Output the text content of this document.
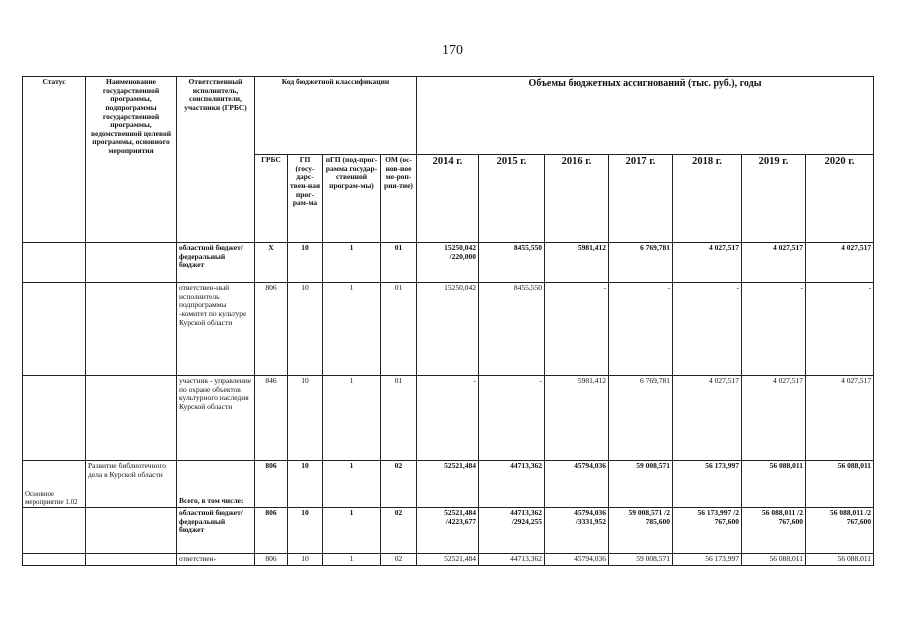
170
Статус	Наименование государственной программы, подпрограммы государственной программы, ведомственной целевой программы, основного мероприятия	Ответственный исполнитель, соисполнители, участники (ГРБС)	Код бюджетной классификации				Объемы бюджетных ассигнований (тыс. руб.), годы						
			ГРБС	ГП (госу-дарс-твен-ная прог-рам-ма	пГП (под-прог-рамма государ-ственной програм-мы)	ОМ (ос-нов-ное ме-роп-рия-тие)	2014 г.	2015 г.	2016 г.	2017 г.	2018 г.	2019 г.	2020 г.
		областной бюджет/ федеральный бюджет	Х	10	1	01	15250,042 /220,000	8455,550	5981,412	6 769,781	4 027,517	4 027,517	4 027,517
		ответствен-ный исполнитель подпрограммы -комитет по культуре Курской области	806	10	1	01	15250,042	8455,550	-	-	-	-	-
		участник - управление по охране объектов культурного наследия Курской области	846	10	1	01	-	-	5981,412	6 769,781	4 027,517	4 027,517	4 027,517
Основное мероприятие 1.02	Развитие библиотечного дела в Курской области	Всего, в том числе:	806	10	1	02	52521,484	44713,362	45794,036	59 008,571	56 173,997	56 088,011	56 088,011
		областной бюджет/ федеральный бюджет	806	10	1	02	52521,484 /4223,677	44713,362 /2924,255	45794,036 /3331,952	59 008,571 /2 785,600	56 173,997 /2 767,600	56 088,011 /2 767,600	56 088,011 /2 767,600
		ответствен-	806	10	1	02	52521,484	44713,362	45794,036	59 008,571	56 173,997	56 088,011	56 088,011
